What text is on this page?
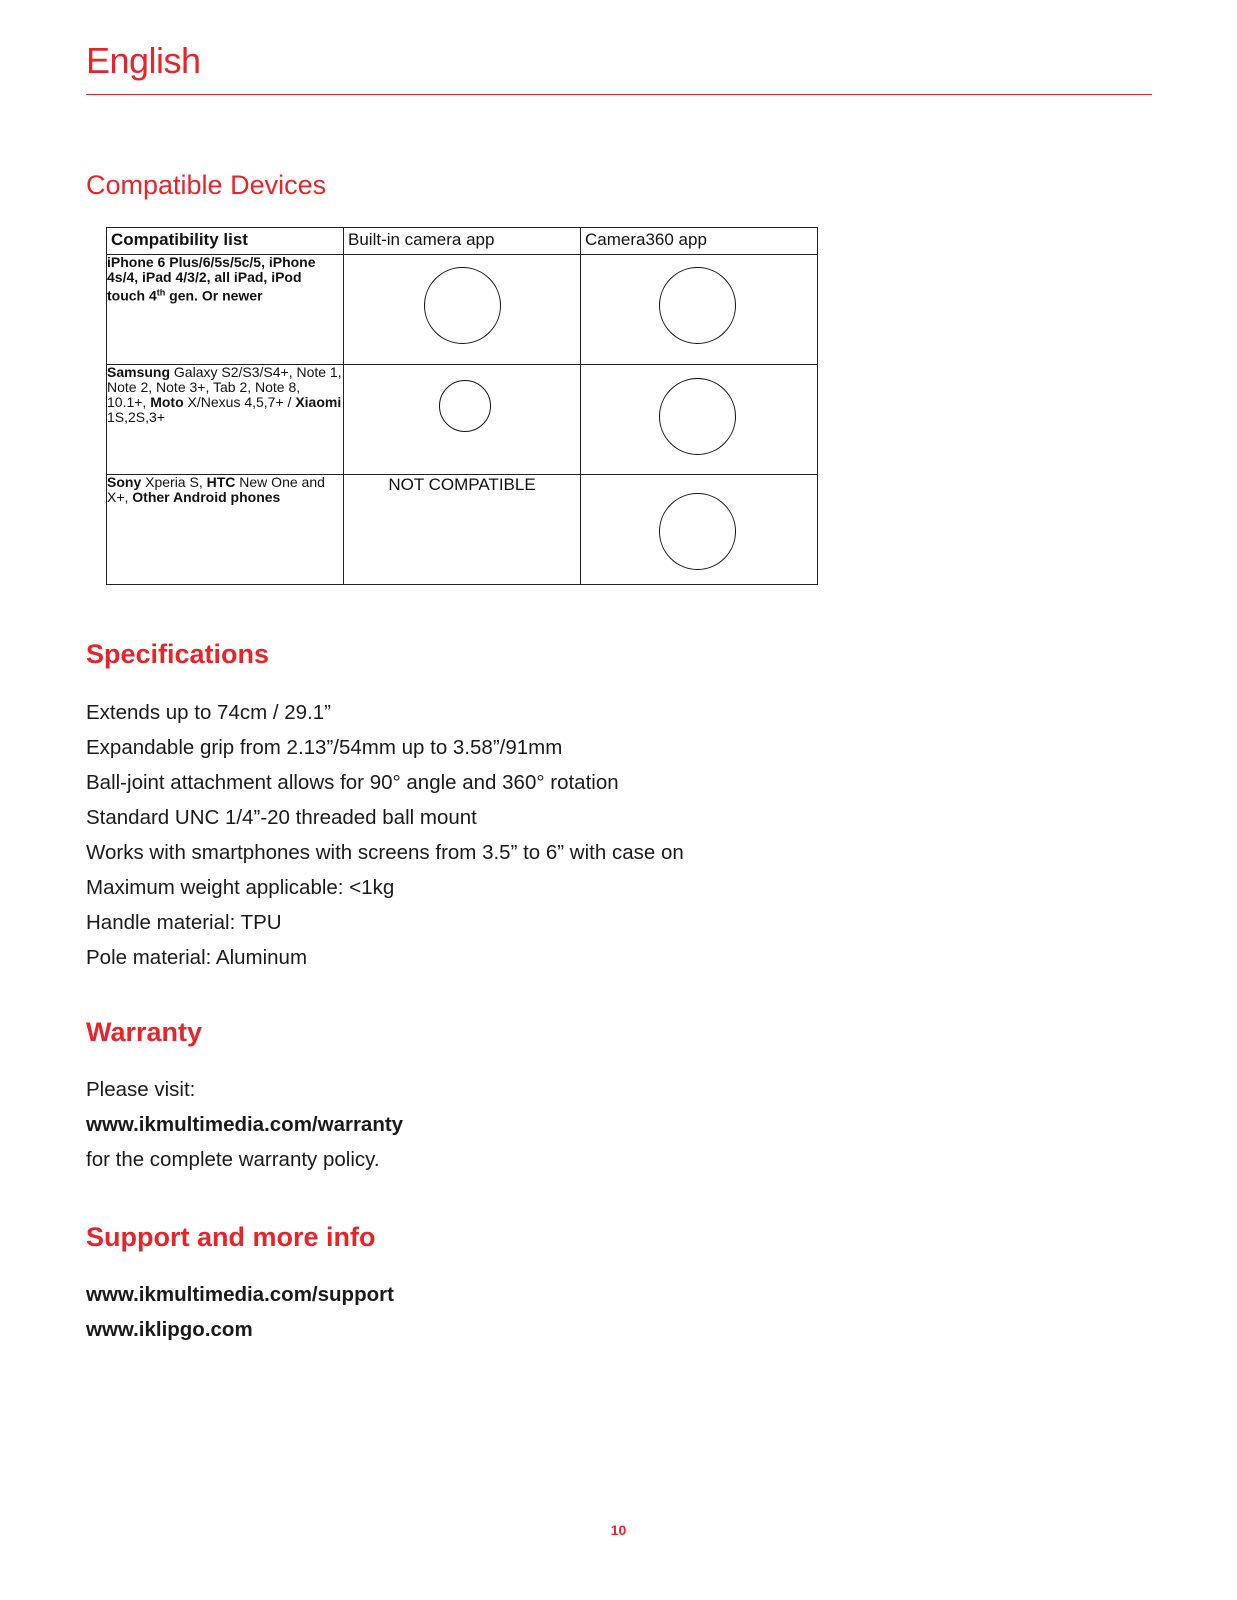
English
Compatible Devices
Compatibility list	Built-in camera app	Camera360 app
iPhone 6 Plus/6/5s/5c/5, iPhone 4s/4, iPad 4/3/2, all iPad, iPod touch 4th gen. Or newer	

Samsung Galaxy S2/S3/S4+, Note 1, Note 2, Note 3+, Tab 2, Note 8, 10.1+, Moto X/Nexus 4,5,7+ / Xiaomi 1S,2S,3+	

Sony Xperia S, HTC New One and X+, Other Android phones	NOT COMPATIBLE	
Specifications
Extends up to 74cm / 29.1”
Expandable grip from 2.13”/54mm up to 3.58”/91mm
Ball-joint attachment allows for 90° angle and 360° rotation
Standard UNC 1/4”-20 threaded ball mount
Works with smartphones with screens from 3.5” to 6” with case on
Maximum weight applicable: <1kg
Handle material: TPU
Pole material: Aluminum
Warranty

Please visit:

www.ikmultimedia.com/warranty

for the complete warranty policy.

Support and more info

www.ikmultimedia.com/support

www.iklipgo.com

10
